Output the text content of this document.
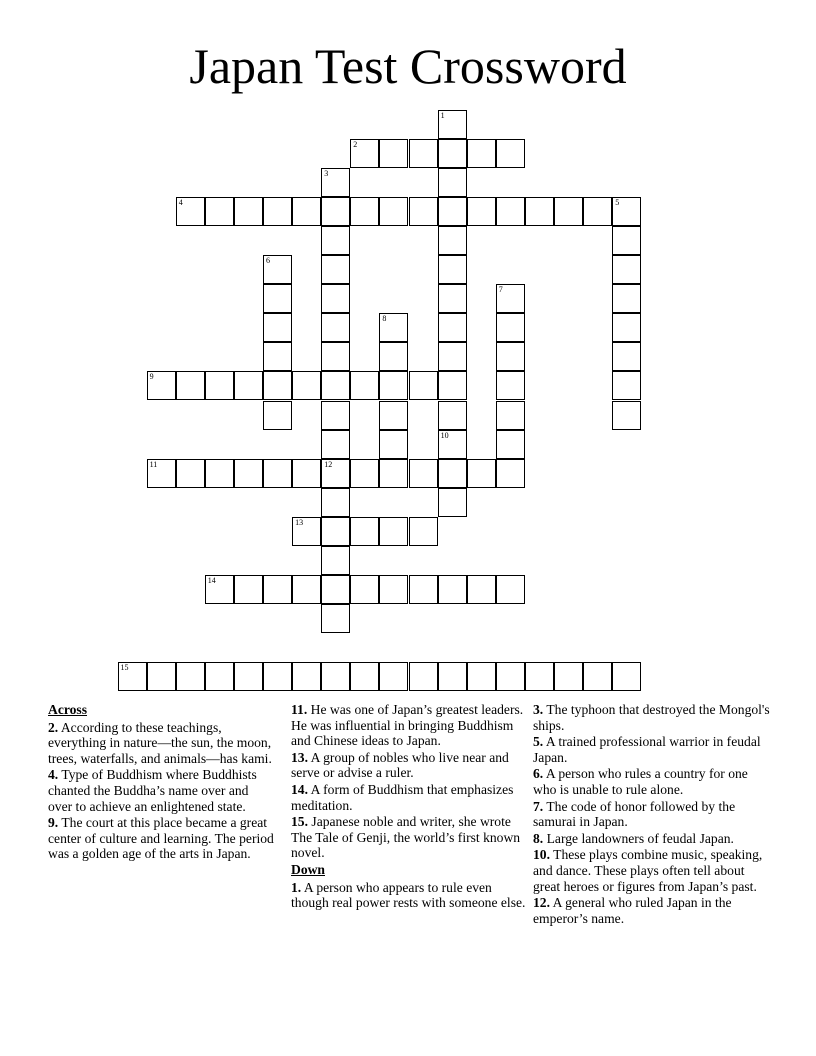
Japan Test Crossword
2
4	5
9
11	12
13
14
15
1
3
6
7
8
10
Across
2. According to these teachings, everything in nature—the sun, the moon, trees, waterfalls, and animals—has kami.
4. Type of Buddhism where Buddhists chanted the Buddha’s name over and over to achieve an enlightened state.
9. The court at this place became a great center of culture and learning. The period was a golden age of the arts in Japan.
11. He was one of Japan’s greatest leaders. He was influential in bringing Buddhism and Chinese ideas to Japan.
13. A group of nobles who live near and serve or advise a ruler.
14. A form of Buddhism that emphasizes meditation.
15. Japanese noble and writer, she wrote The Tale of Genji, the world’s first known novel.
Down
1. A person who appears to rule even though real power rests with someone else.
3. The typhoon that destroyed the Mongol's ships.
5. A trained professional warrior in feudal Japan.
6. A person who rules a country for one who is unable to rule alone.
7. The code of honor followed by the samurai in Japan.
8. Large landowners of feudal Japan.
10. These plays combine music, speaking, and dance. These plays often tell about great heroes or figures from Japan’s past.
12. A general who ruled Japan in the emperor’s name.
